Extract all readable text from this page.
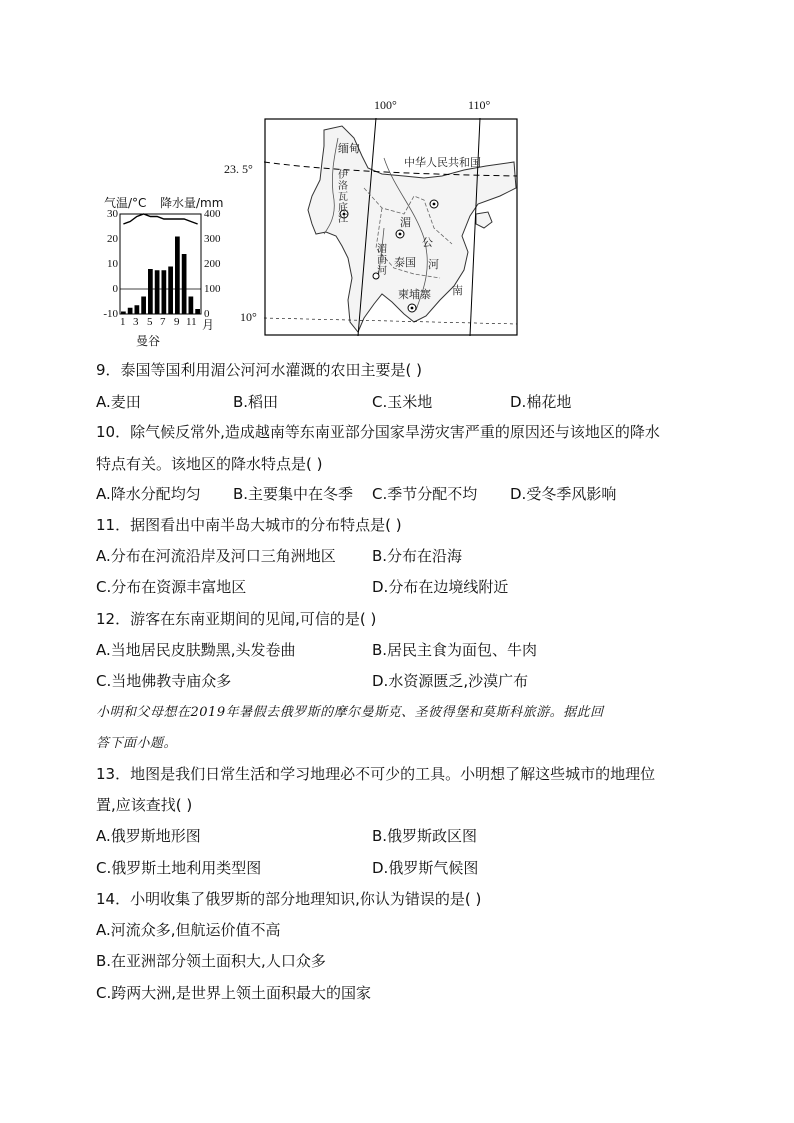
气温/°C 降水量/mm
30
20
10
0
-10
400
300
200
100
0
1 3 5 7 9 11 月
曼谷
100°	110°
23. 5°
10°
中华人民共和国
缅甸
伊
洛
瓦
底
江	湄
公
河
湄
南
河
泰国
柬埔寨 南
9．泰国等国利用湄公河河水灌溉的农田主要是( )
A.麦田	B.稻田	C.玉米地	D.棉花地
10．除气候反常外,造成越南等东南亚部分国家旱涝灾害严重的原因还与该地区的降水
特点有关。该地区的降水特点是( )
A.降水分配均匀 B.主要集中在冬季 C.季节分配不均 D.受冬季风影响
11．据图看出中南半岛大城市的分布特点是( )
A.分布在河流沿岸及河口三角洲地区 B.分布在沿海
C.分布在资源丰富地区	D.分布在边境线附近
12．游客在东南亚期间的见闻,可信的是( )
A.当地居民皮肤黝黑,头发卷曲	B.居民主食为面包、牛肉
C.当地佛教寺庙众多	D.水资源匮乏,沙漠广布
小明和父母想在2019年暑假去俄罗斯的摩尔曼斯克、圣彼得堡和莫斯科旅游。据此回
答下面小题。
13．地图是我们日常生活和学习地理必不可少的工具。小明想了解这些城市的地理位
置,应该查找( )
A.俄罗斯地形图	B.俄罗斯政区图
C.俄罗斯土地利用类型图	D.俄罗斯气候图
14．小明收集了俄罗斯的部分地理知识,你认为错误的是( )
A.河流众多,但航运价值不高
B.在亚洲部分领土面积大,人口众多
C.跨两大洲,是世界上领土面积最大的国家
